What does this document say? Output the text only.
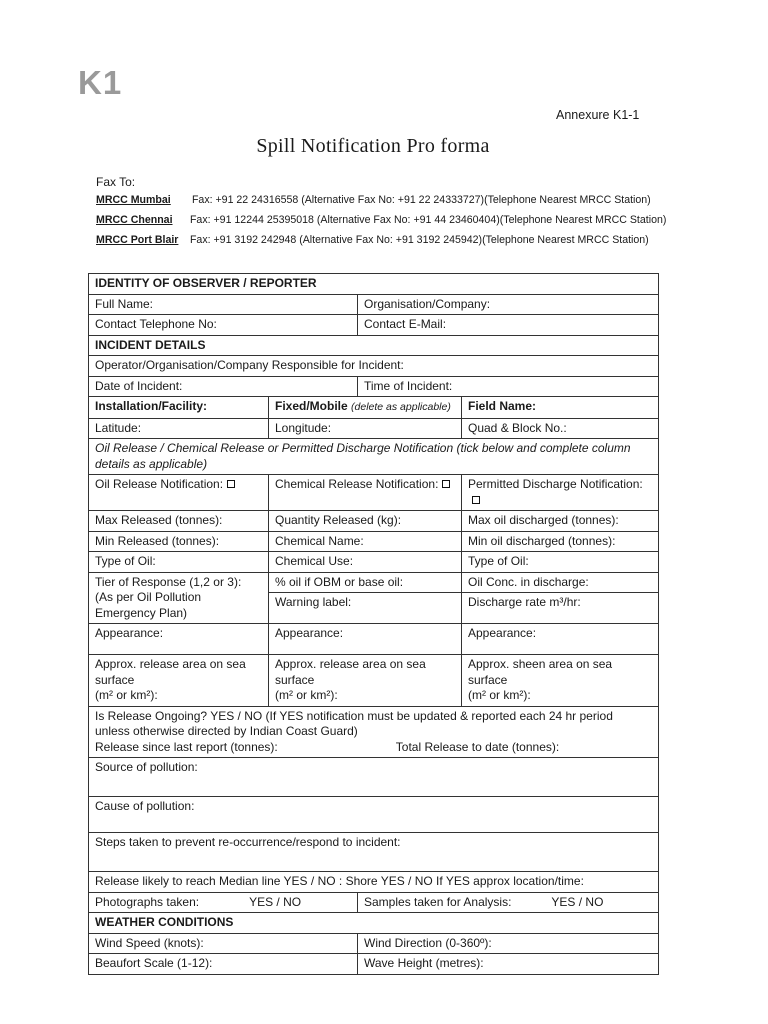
K1
Annexure K1-1
Spill Notification Pro forma
Fax To:
MRCC Mumbai Fax: +91 22 24316558 (Alternative Fax No: +91 22 24333727)(Telephone Nearest MRCC Station)
MRCC Chennai Fax: +91 12244 25395018 (Alternative Fax No: +91 44 23460404)(Telephone Nearest MRCC Station)
MRCC Port Blair Fax: +91 3192 242948 (Alternative Fax No: +91 3192 245942)(Telephone Nearest MRCC Station)
IDENTITY OF OBSERVER / REPORTER			
Full Name:		Organisation/Company:	
Contact Telephone No:		Contact E-Mail:	
INCIDENT DETAILS			
Operator/Organisation/Company Responsible for Incident:			
Date of Incident:		Time of Incident:	
Installation/Facility:	Fixed/Mobile (delete as applicable)		Field Name:
Latitude:	Longitude:		Quad & Block No.:
Oil Release / Chemical Release or Permitted Discharge Notification (tick below and complete column details as applicable)			
Oil Release Notification:	Chemical Release Notification:		Permitted Discharge Notification:
Max Released (tonnes):	Quantity Released (kg):		Max oil discharged (tonnes):
Min Released (tonnes):	Chemical Name:		Min oil discharged (tonnes):
Type of Oil:	Chemical Use:		Type of Oil:

Tier of Response (1,2 or 3):
(As per Oil Pollution
Emergency Plan)	% oil if OBM or base oil:		Oil Conc. in discharge:
	Warning label:		Discharge rate m³/hr:
Appearance:	Appearance:		Appearance:

Approx. release area on sea
surface
(m² or km²):	Approx. release area on sea
surface
(m² or km²):		Approx. sheen area on sea
surface
(m² or km²):

Is Release Ongoing? YES / NO (If YES notification must be updated & reported each 24 hr period
unless otherwise directed by Indian Coast Guard)
Release since last report (tonnes): Total Release to date (tonnes):			

Source of pollution:			
Cause of pollution:			
Steps taken to prevent re-occurrence/respond to incident:			
Release likely to reach Median line YES / NO : Shore YES / NO If YES approx location/time:			
Photographs taken: YES / NO		Samples taken for Analysis: YES / NO	
WEATHER CONDITIONS			
Wind Speed (knots):		Wind Direction (0-360º):	
Beaufort Scale (1-12):		Wave Height (metres):	
